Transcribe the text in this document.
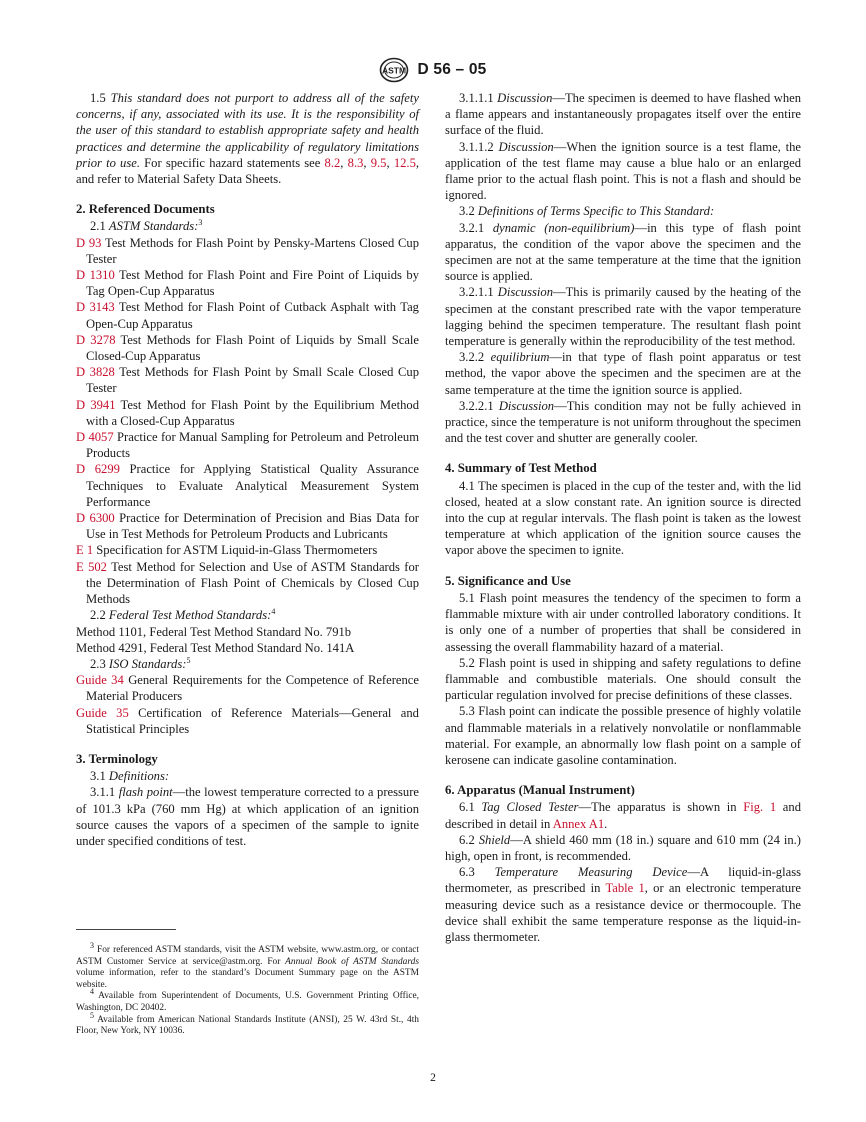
ASTM D 56 – 05

1.5 This standard does not purport to address all of the safety concerns, if any, associated with its use. It is the responsibility of the user of this standard to establish appropriate safety and health practices and determine the applicability of regulatory limitations prior to use. For specific hazard statements see 8.2, 8.3, 9.5, 12.5, and refer to Material Safety Data Sheets.

2. Referenced Documents

2.1 ASTM Standards:$^3$

D 93 Test Methods for Flash Point by Pensky-Martens Closed Cup Tester

D 1310 Test Method for Flash Point and Fire Point of Liquids by Tag Open-Cup Apparatus

D 3143 Test Method for Flash Point of Cutback Asphalt with Tag Open-Cup Apparatus

D 3278 Test Methods for Flash Point of Liquids by Small Scale Closed-Cup Apparatus

D 3828 Test Methods for Flash Point by Small Scale Closed Cup Tester

D 3941 Test Method for Flash Point by the Equilibrium Method with a Closed-Cup Apparatus

D 4057 Practice for Manual Sampling for Petroleum and Petroleum Products

D 6299 Practice for Applying Statistical Quality Assurance Techniques to Evaluate Analytical Measurement System Performance

D 6300 Practice for Determination of Precision and Bias Data for Use in Test Methods for Petroleum Products and Lubricants

E 1 Specification for ASTM Liquid-in-Glass Thermometers

E 502 Test Method for Selection and Use of ASTM Standards for the Determination of Flash Point of Chemicals by Closed Cup Methods

2.2 Federal Test Method Standards:$^4$

Method 1101, Federal Test Method Standard No. 791b

Method 4291, Federal Test Method Standard No. 141A

2.3 ISO Standards:$^5$

Guide 34 General Requirements for the Competence of Reference Material Producers

Guide 35 Certification of Reference Materials—General and Statistical Principles

3. Terminology

3.1 Definitions:

3.1.1 flash point—the lowest temperature corrected to a pressure of 101.3 kPa (760 mm Hg) at which application of an ignition source causes the vapors of a specimen of the sample to ignite under specified conditions of test.

$^3$ For referenced ASTM standards, visit the ASTM website, www.astm.org, or contact ASTM Customer Service at service@astm.org. For Annual Book of ASTM Standards volume information, refer to the standard’s Document Summary page on the ASTM website.

$^4$ Available from Superintendent of Documents, U.S. Government Printing Office, Washington, DC 20402.

$^5$ Available from American National Standards Institute (ANSI), 25 W. 43rd St., 4th Floor, New York, NY 10036.

3.1.1.1 Discussion—The specimen is deemed to have flashed when a flame appears and instantaneously propagates itself over the entire surface of the fluid.

3.1.1.2 Discussion—When the ignition source is a test flame, the application of the test flame may cause a blue halo or an enlarged flame prior to the actual flash point. This is not a flash and should be ignored.

3.2 Definitions of Terms Specific to This Standard:

3.2.1 dynamic (non-equilibrium)—in this type of flash point apparatus, the condition of the vapor above the specimen and the specimen are not at the same temperature at the time that the ignition source is applied.

3.2.1.1 Discussion—This is primarily caused by the heating of the specimen at the constant prescribed rate with the vapor temperature lagging behind the specimen temperature. The resultant flash point temperature is generally within the reproducibility of the test method.

3.2.2 equilibrium—in that type of flash point apparatus or test method, the vapor above the specimen and the specimen are at the same temperature at the time the ignition source is applied.

3.2.2.1 Discussion—This condition may not be fully achieved in practice, since the temperature is not uniform throughout the specimen and the test cover and shutter are generally cooler.

4. Summary of Test Method

4.1 The specimen is placed in the cup of the tester and, with the lid closed, heated at a slow constant rate. An ignition source is directed into the cup at regular intervals. The flash point is taken as the lowest temperature at which application of the ignition source causes the vapor above the specimen to ignite.

5. Significance and Use

5.1 Flash point measures the tendency of the specimen to form a flammable mixture with air under controlled laboratory conditions. It is only one of a number of properties that shall be considered in assessing the overall flammability hazard of a material.

5.2 Flash point is used in shipping and safety regulations to define flammable and combustible materials. One should consult the particular regulation involved for precise definitions of these classes.

5.3 Flash point can indicate the possible presence of highly volatile and flammable materials in a relatively nonvolatile or nonflammable material. For example, an abnormally low flash point on a sample of kerosene can indicate gasoline contamination.

6. Apparatus (Manual Instrument)

6.1 Tag Closed Tester—The apparatus is shown in Fig. 1 and described in detail in Annex A1.

6.2 Shield—A shield 460 mm (18 in.) square and 610 mm (24 in.) high, open in front, is recommended.

6.3 Temperature Measuring Device—A liquid-in-glass thermometer, as prescribed in Table 1, or an electronic temperature measuring device such as a resistance device or thermocouple. The device shall exhibit the same temperature response as the liquid-in-glass thermometer.

2
